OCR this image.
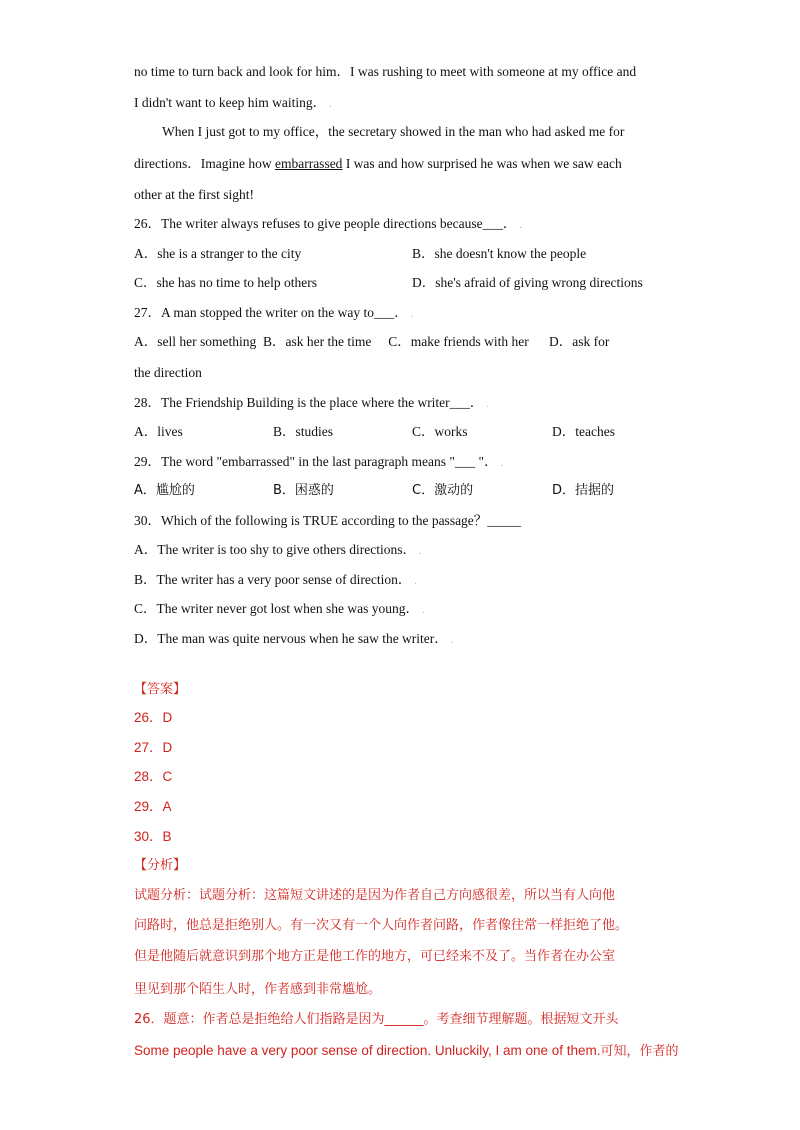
no time to turn back and look for him．I was rushing to meet with someone at my office and
I didn't want to keep him waiting． .
When I just got to my office，the secretary showed in the man who had asked me for
directions．Imagine how embarrassed I was and how surprised he was when we saw each
other at the first sight!
26．The writer always refuses to give people directions because___． .
A．she is a stranger to the city	B．she doesn't know the people
C．she has no time to help others	D．she's afraid of giving wrong directions
27．A man stopped the writer on the way to___． .
A．sell her something  B．ask her the time     C．make friends with her      D．ask for
the direction
28．The Friendship Building is the place where the writer___． .
A．lives	B．studies	C．works	D．teaches
29．The word "embarrassed" in the last paragraph means "___ "． .
A．尴尬的	B．困惑的	C．激动的	D．拮据的
30．Which of the following is TRUE according to the passage？_____
A．The writer is too shy to give others directions． .
B．The writer has a very poor sense of direction． .
C．The writer never got lost when she was young． .
D．The man was quite nervous when he saw the writer． .
【答案】
26．D
27．D
28．C
29．A
30．B
【分析】
试题分析：试题分析：这篇短文讲述的是因为作者自己方向感很差，所以当有人向他
问路时，他总是拒绝别人。有一次又有一个人向作者问路，作者像往常一样拒绝了他。
但是他随后就意识到那个地方正是他工作的地方，可已经来不及了。当作者在办公室
里见到那个陌生人时，作者感到非常尴尬。
26．题意：作者总是拒绝给人们指路是因为______。考查细节理解题。根据短文开头
Some people have a very poor sense of direction. Unluckily, I am one of them.可知，作者的
